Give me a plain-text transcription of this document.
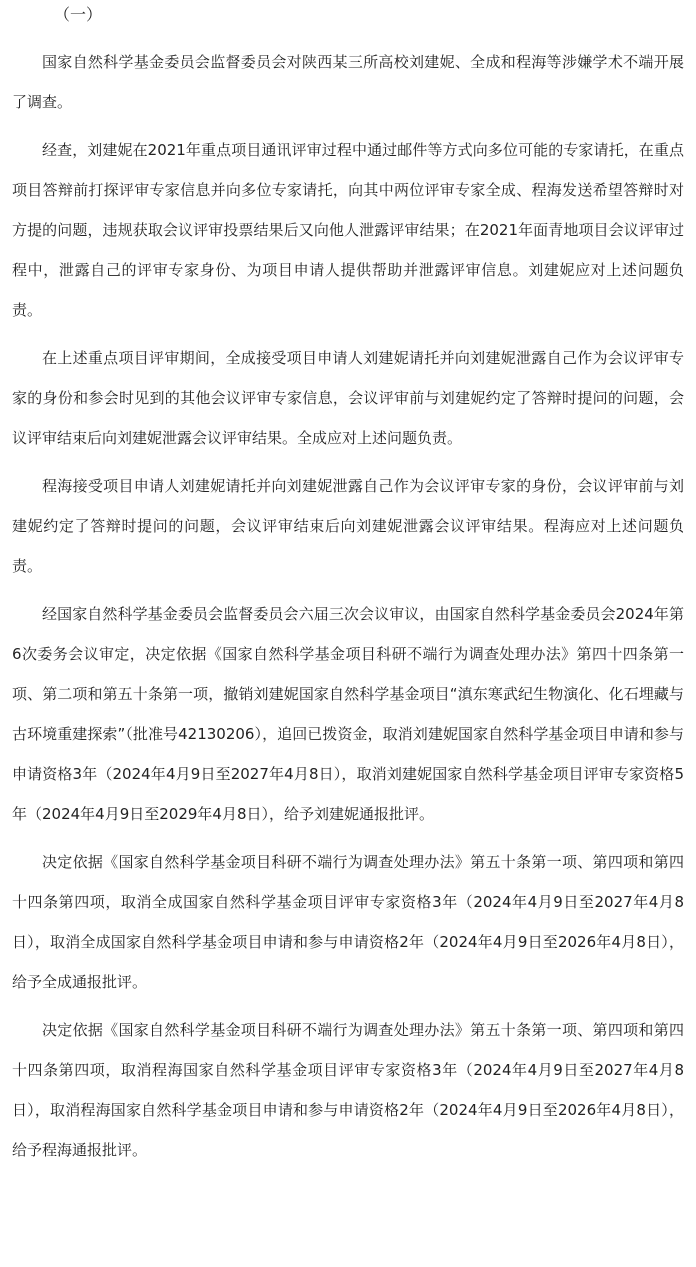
（一）

国家自然科学基金委员会监督委员会对陕西某三所高校刘建妮、全成和程海等涉嫌学术不端开展了调查。

经查，刘建妮在2021年重点项目通讯评审过程中通过邮件等方式向多位可能的专家请托，在重点项目答辩前打探评审专家信息并向多位专家请托，向其中两位评审专家全成、程海发送希望答辩时对方提的问题，违规获取会议评审投票结果后又向他人泄露评审结果；在2021年面青地项目会议评审过程中，泄露自己的评审专家身份、为项目申请人提供帮助并泄露评审信息。刘建妮应对上述问题负责。

在上述重点项目评审期间，全成接受项目申请人刘建妮请托并向刘建妮泄露自己作为会议评审专家的身份和参会时见到的其他会议评审专家信息，会议评审前与刘建妮约定了答辩时提问的问题，会议评审结束后向刘建妮泄露会议评审结果。全成应对上述问题负责。

程海接受项目申请人刘建妮请托并向刘建妮泄露自己作为会议评审专家的身份，会议评审前与刘建妮约定了答辩时提问的问题，会议评审结束后向刘建妮泄露会议评审结果。程海应对上述问题负责。

经国家自然科学基金委员会监督委员会六届三次会议审议，由国家自然科学基金委员会2024年第6次委务会议审定，决定依据《国家自然科学基金项目科研不端行为调查处理办法》第四十四条第一项、第二项和第五十条第一项，撤销刘建妮国家自然科学基金项目“滇东寒武纪生物演化、化石埋藏与古环境重建探索”（批准号42130206），追回已拨资金，取消刘建妮国家自然科学基金项目申请和参与申请资格3年（2024年4月9日至2027年4月8日），取消刘建妮国家自然科学基金项目评审专家资格5年（2024年4月9日至2029年4月8日），给予刘建妮通报批评。

决定依据《国家自然科学基金项目科研不端行为调查处理办法》第五十条第一项、第四项和第四十四条第四项，取消全成国家自然科学基金项目评审专家资格3年（2024年4月9日至2027年4月8日），取消全成国家自然科学基金项目申请和参与申请资格2年（2024年4月9日至2026年4月8日），给予全成通报批评。

决定依据《国家自然科学基金项目科研不端行为调查处理办法》第五十条第一项、第四项和第四十四条第四项，取消程海国家自然科学基金项目评审专家资格3年（2024年4月9日至2027年4月8日），取消程海国家自然科学基金项目申请和参与申请资格2年（2024年4月9日至2026年4月8日），给予程海通报批评。
